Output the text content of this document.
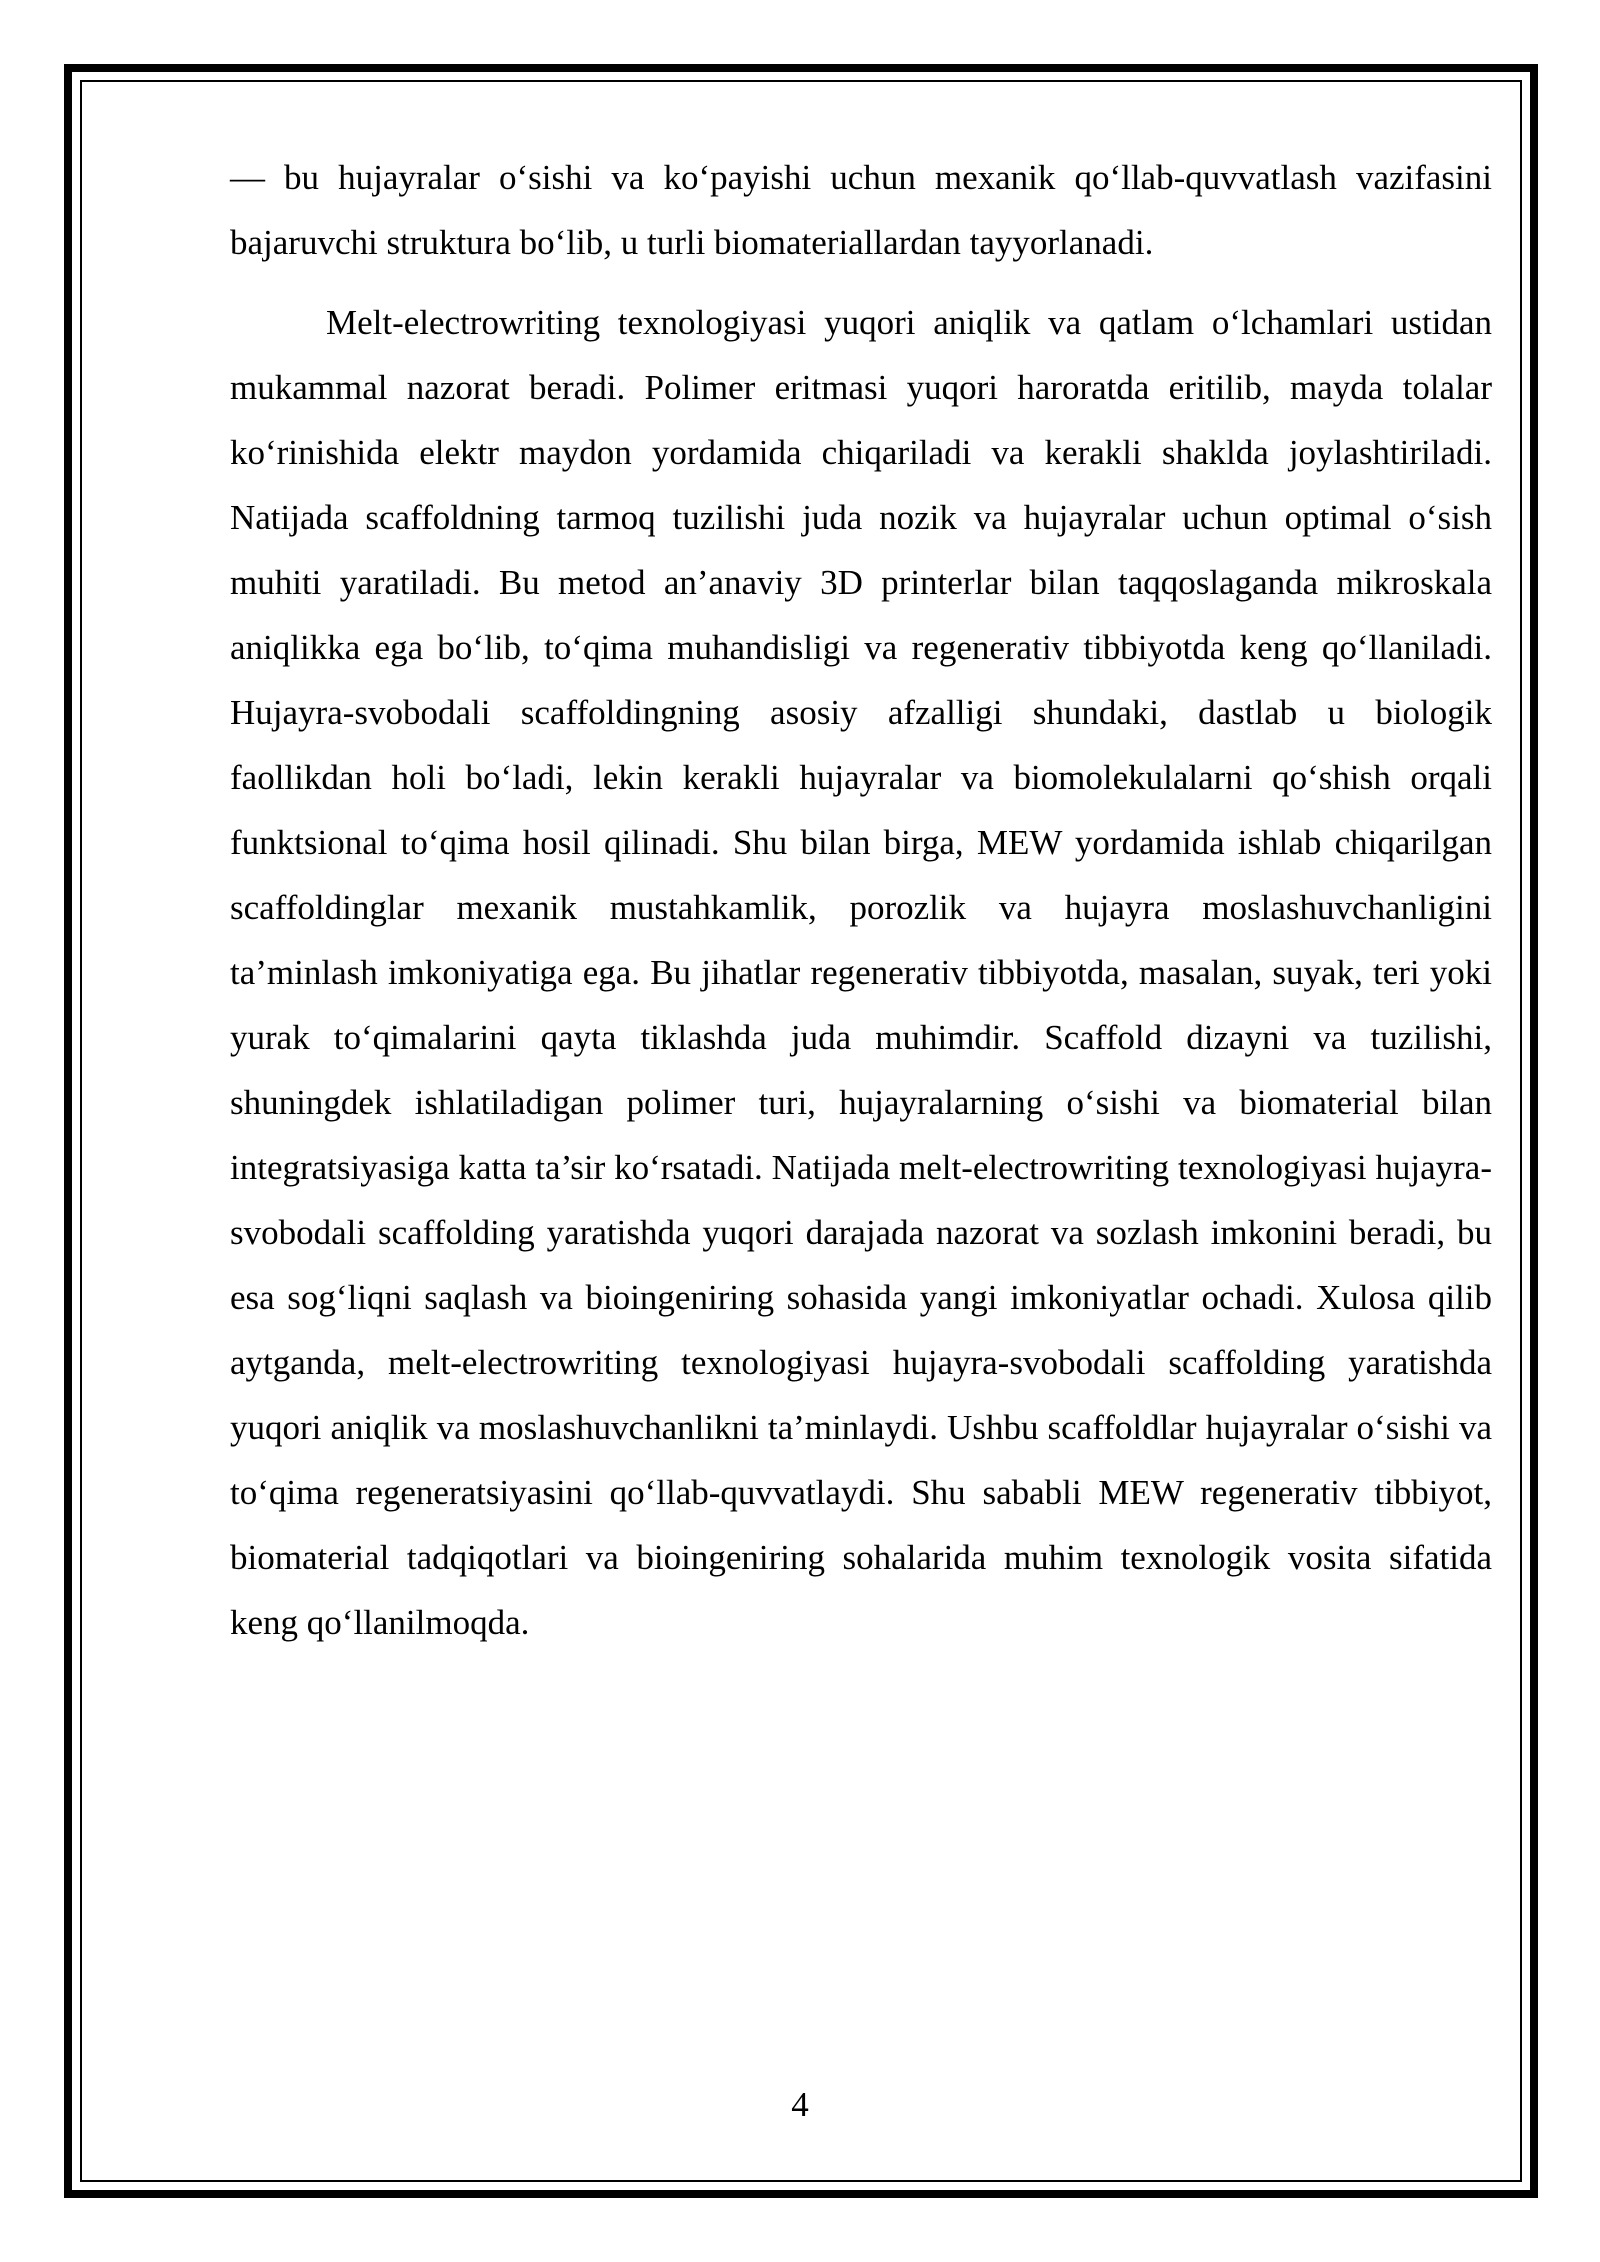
— bu hujayralar o‘sishi va ko‘payishi uchun mexanik qo‘llab-quvvatlash vazifasini bajaruvchi struktura bo‘lib, u turli biomateriallardan tayyorlanadi.

Melt-electrowriting texnologiyasi yuqori aniqlik va qatlam o‘lchamlari ustidan mukammal nazorat beradi. Polimer eritmasi yuqori haroratda eritilib, mayda tolalar ko‘rinishida elektr maydon yordamida chiqariladi va kerakli shaklda joylashtiriladi. Natijada scaffoldning tarmoq tuzilishi juda nozik va hujayralar uchun optimal o‘sish muhiti yaratiladi. Bu metod an’anaviy 3D printerlar bilan taqqoslaganda mikroskala aniqlikka ega bo‘lib, to‘qima muhandisligi va regenerativ tibbiyotda keng qo‘llaniladi. Hujayra-svobodali scaffoldingning asosiy afzalligi shundaki, dastlab u biologik faollikdan holi bo‘ladi, lekin kerakli hujayralar va biomolekulalarni qo‘shish orqali funktsional to‘qima hosil qilinadi. Shu bilan birga, MEW yordamida ishlab chiqarilgan scaffoldinglar mexanik mustahkamlik, porozlik va hujayra moslashuvchanligini ta’minlash imkoniyatiga ega. Bu jihatlar regenerativ tibbiyotda, masalan, suyak, teri yoki yurak to‘qimalarini qayta tiklashda juda muhimdir. Scaffold dizayni va tuzilishi, shuningdek ishlatiladigan polimer turi, hujayralarning o‘sishi va biomaterial bilan integratsiyasiga katta ta’sir ko‘rsatadi. Natijada melt-electrowriting texnologiyasi hujayra-svobodali scaffolding yaratishda yuqori darajada nazorat va sozlash imkonini beradi, bu esa sog‘liqni saqlash va bioingeniring sohasida yangi imkoniyatlar ochadi. Xulosa qilib aytganda, melt-electrowriting texnologiyasi hujayra-svobodali scaffolding yaratishda yuqori aniqlik va moslashuvchanlikni ta’minlaydi. Ushbu scaffoldlar hujayralar o‘sishi va to‘qima regeneratsiyasini qo‘llab-quvvatlaydi. Shu sababli MEW regenerativ tibbiyot, biomaterial tadqiqotlari va bioingeniring sohalarida muhim texnologik vosita sifatida keng qo‘llanilmoqda.

4
